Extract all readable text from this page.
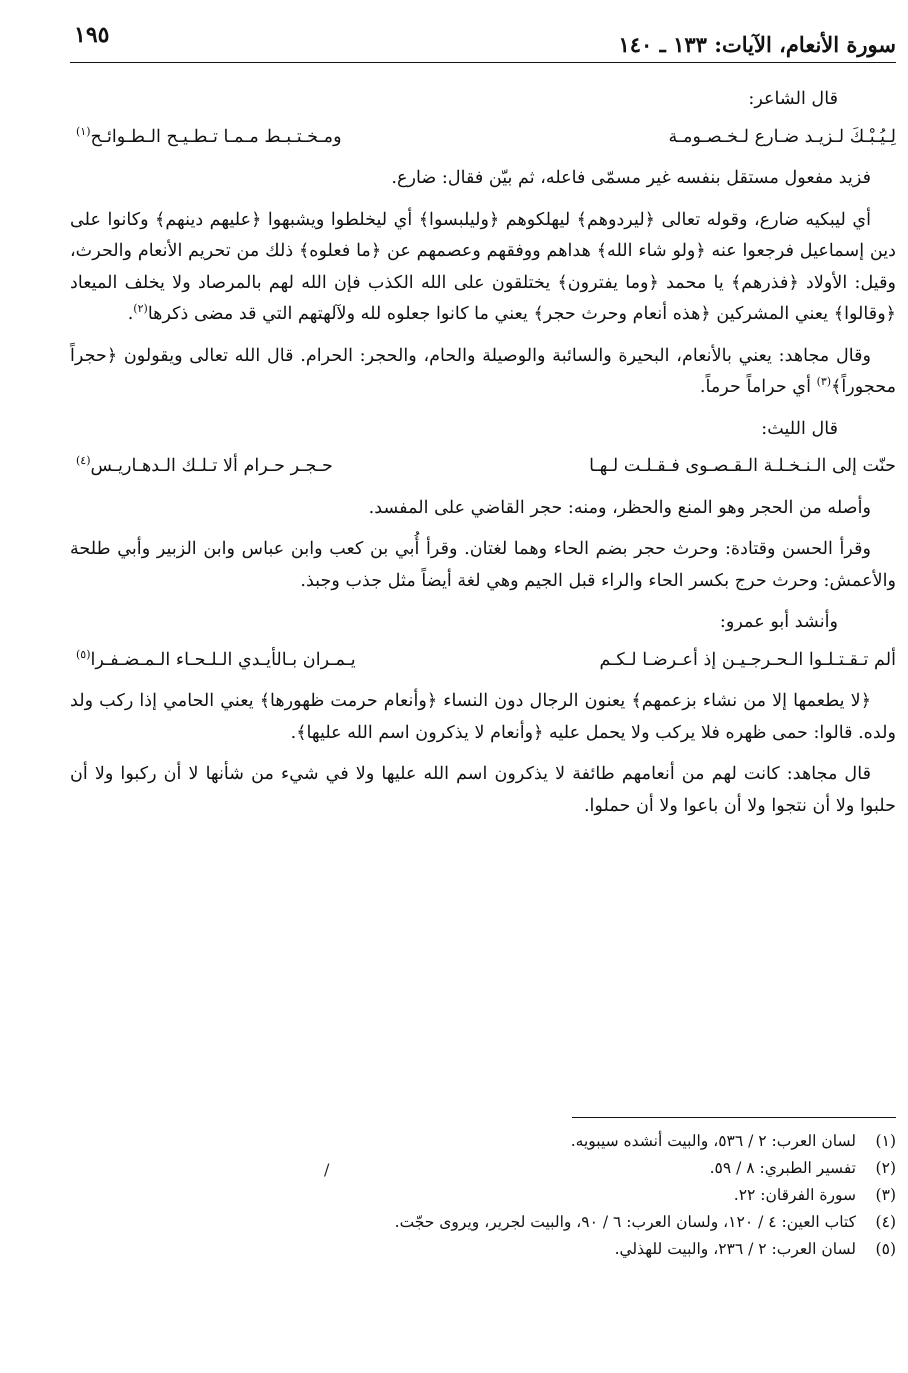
سورة الأنعام، الآيات: ١٣٣ ـ ١٤٠
١٩٥

قال الشاعر:

لِـيُـبْـكَ لـزيـد ضـارع لـخـصـومـة
ومـخـتـبـط مـمـا تـطـيـح الـطـوائـح$^{(١)}$

فزيد مفعول مستقل بنفسه غير مسمّى فاعله، ثم بيّن فقال: ضارع.

أي ليبكيه ضارع، وقوله تعالى ﴿ليردوهم﴾ ليهلكوهم ﴿وليلبسوا﴾ أي ليخلطوا ويشبهوا ﴿عليهم دينهم﴾ وكانوا على دين إسماعيل فرجعوا عنه ﴿ولو شاء الله﴾ هداهم ووفقهم وعصمهم عن ﴿ما فعلوه﴾ ذلك من تحريم الأنعام والحرث، وقيل: الأولاد ﴿فذرهم﴾ يا محمد ﴿وما يفترون﴾ يختلقون على الله الكذب فإن الله لهم بالمرصاد ولا يخلف الميعاد ﴿وقالوا﴾ يعني المشركين ﴿هذه أنعام وحرث حجر﴾ يعني ما كانوا جعلوه لله ولآلهتهم التي قد مضى ذكرها$^{(٢)}$.

وقال مجاهد: يعني بالأنعام، البحيرة والسائبة والوصيلة والحام، والحجر: الحرام. قال الله تعالى ويقولون ﴿حجراً محجوراً﴾$^{(٣)}$ أي حراماً حرماً.

قال الليث:

حنّت إلى الـنـخـلـة الـقـصـوى فـقـلـت لـهـا
حـجـر حـرام ألا تـلـك الـدهـاريـس$^{(٤)}$

وأصله من الحجر وهو المنع والحظر، ومنه: حجر القاضي على المفسد.

وقرأ الحسن وقتادة: وحرث حجر بضم الحاء وهما لغتان. وقرأ أُبي بن كعب وابن عباس وابن الزبير وأبي طلحة والأعمش: وحرث حرج بكسر الحاء والراء قبل الجيم وهي لغة أيضاً مثل جذب وجبذ.

وأنشد أبو عمرو:

ألم تـقـتـلـوا الـحـرجـيـن إذ أعـرضـا لـكـم
يـمـران بـالأيـدي الـلـحـاء الـمـضـفـرا$^{(٥)}$

﴿لا يطعمها إلا من نشاء بزعمهم﴾ يعنون الرجال دون النساء ﴿وأنعام حرمت ظهورها﴾ يعني الحامي إذا ركب ولد ولده. قالوا: حمى ظهره فلا يركب ولا يحمل عليه ﴿وأنعام لا يذكرون اسم الله عليها﴾.

قال مجاهد: كانت لهم من أنعامهم طائفة لا يذكرون اسم الله عليها ولا في شيء من شأنها لا أن ركبوا ولا أن حلبوا ولا أن نتجوا ولا أن باعوا ولا أن حملوا.

/
(١)
لسان العرب: ٢ / ٥٣٦، والبيت أنشده سيبويه.
(٢)
تفسير الطبري: ٨ / ٥٩.
(٣)
سورة الفرقان: ٢٢.
(٤)
كتاب العين: ٤ / ١٢٠، ولسان العرب: ٦ / ٩٠، والبيت لجرير، ويروى حجّت.
(٥)
لسان العرب: ٢ / ٢٣٦، والبيت للهذلي.
